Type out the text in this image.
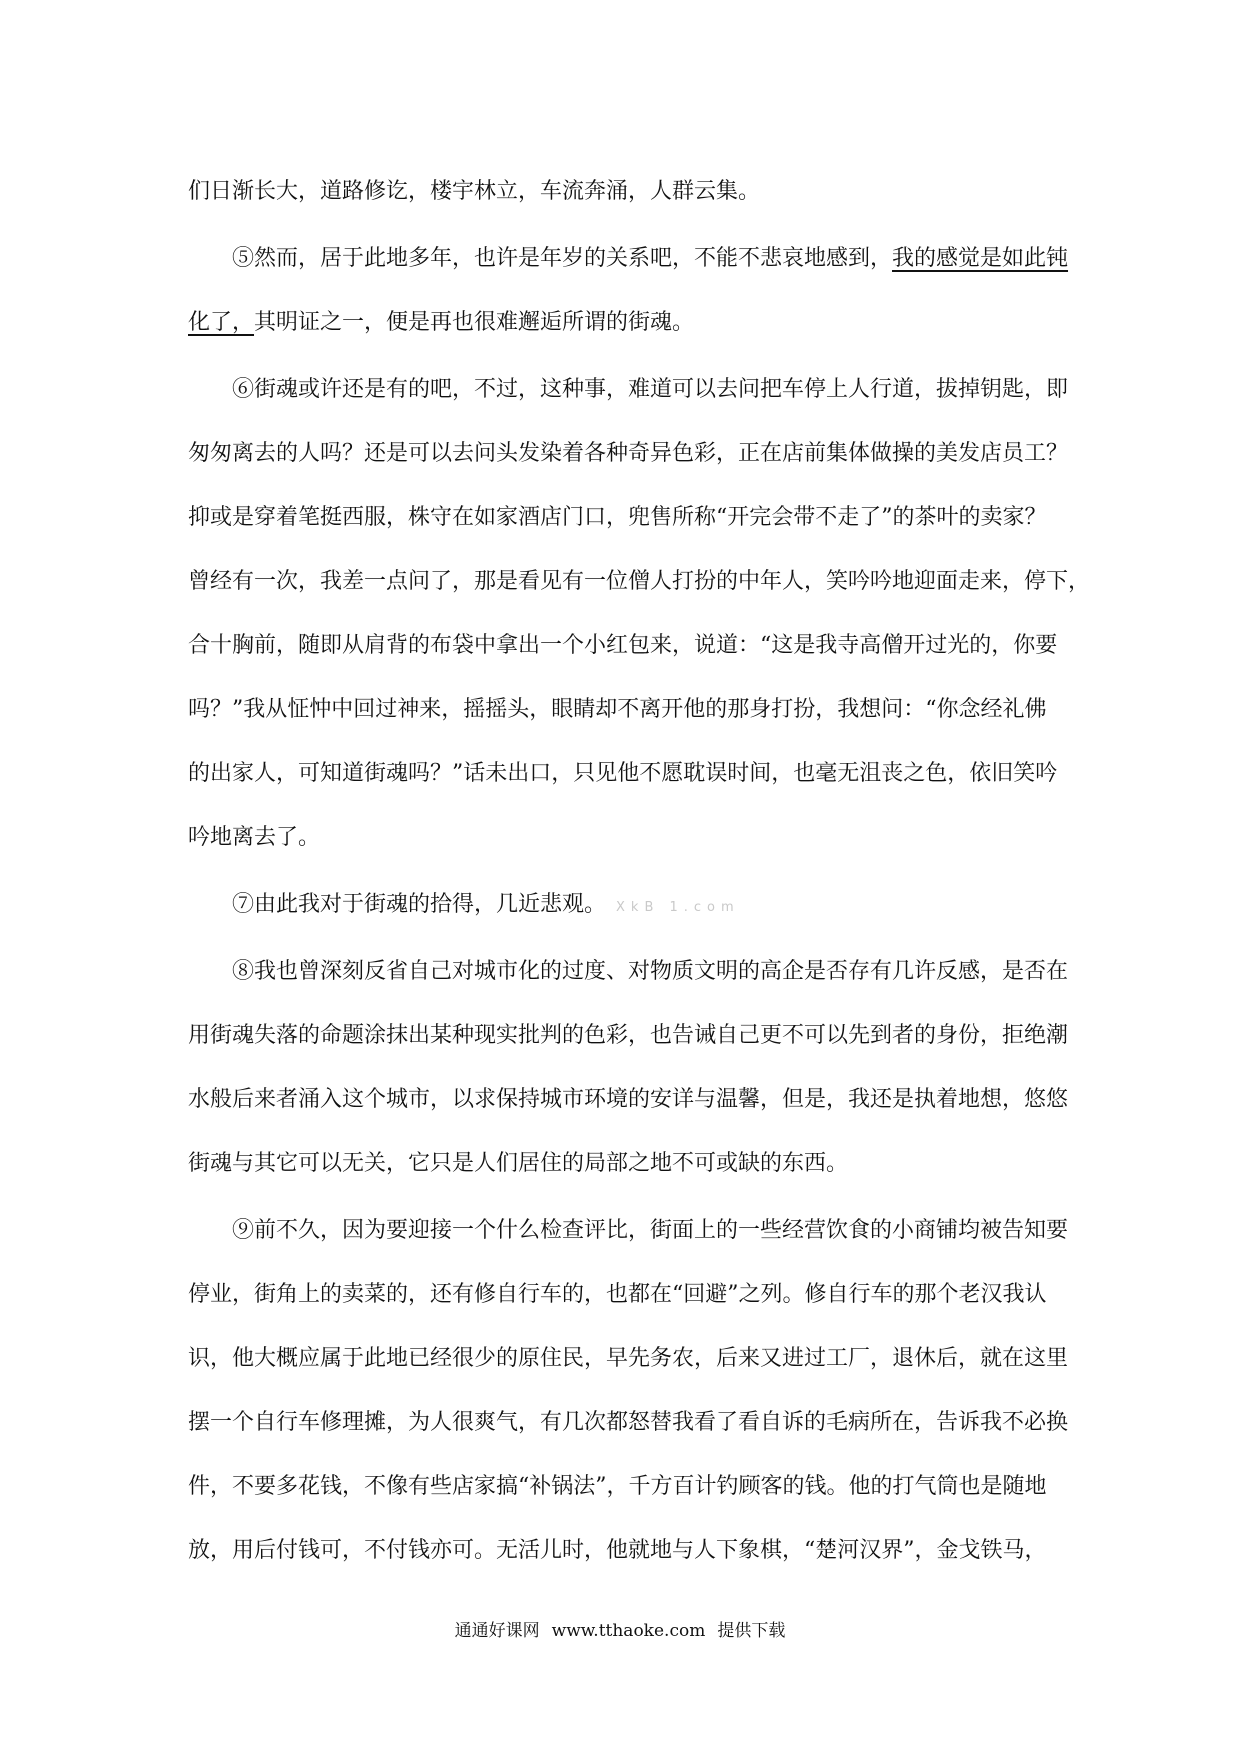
们日渐长大，道路修讫，楼宇林立，车流奔涌，人群云集。
⑤然而，居于此地多年，也许是年岁的关系吧，不能不悲哀地感到，我的感觉是如此钝
化了，其明证之一，便是再也很难邂逅所谓的街魂。
⑥街魂或许还是有的吧，不过，这种事，难道可以去问把车停上人行道，拔掉钥匙，即
匆匆离去的人吗？还是可以去问头发染着各种奇异色彩，正在店前集体做操的美发店员工？
抑或是穿着笔挺西服，株守在如家酒店门口，兜售所称“开完会带不走了”的茶叶的卖家？
曾经有一次，我差一点问了，那是看见有一位僧人打扮的中年人，笑吟吟地迎面走来，停下，
合十胸前，随即从肩背的布袋中拿出一个小红包来，说道：“这是我寺高僧开过光的，你要
吗？”我从怔忡中回过神来，摇摇头，眼睛却不离开他的那身打扮，我想问：“你念经礼佛
的出家人，可知道街魂吗？”话未出口，只见他不愿耽误时间，也毫无沮丧之色，依旧笑吟
吟地离去了。
⑦由此我对于街魂的拾得，几近悲观。 XkB 1.com
⑧我也曾深刻反省自己对城市化的过度、对物质文明的高企是否存有几许反感，是否在
用街魂失落的命题涂抹出某种现实批判的色彩，也告诫自己更不可以先到者的身份，拒绝潮
水般后来者涌入这个城市，以求保持城市环境的安详与温馨，但是，我还是执着地想，悠悠
街魂与其它可以无关，它只是人们居住的局部之地不可或缺的东西。
⑨前不久，因为要迎接一个什么检查评比，街面上的一些经营饮食的小商铺均被告知要
停业，街角上的卖菜的，还有修自行车的，也都在“回避”之列。修自行车的那个老汉我认
识，他大概应属于此地已经很少的原住民，早先务农，后来又进过工厂，退休后，就在这里
摆一个自行车修理摊，为人很爽气，有几次都怒替我看了看自诉的毛病所在，告诉我不必换
件，不要多花钱，不像有些店家搞“补锅法”，千方百计钓顾客的钱。他的打气筒也是随地
放，用后付钱可，不付钱亦可。无活儿时，他就地与人下象棋，“楚河汉界”，金戈铁马，
通通好课网 www.tthaoke.com 提供下载
